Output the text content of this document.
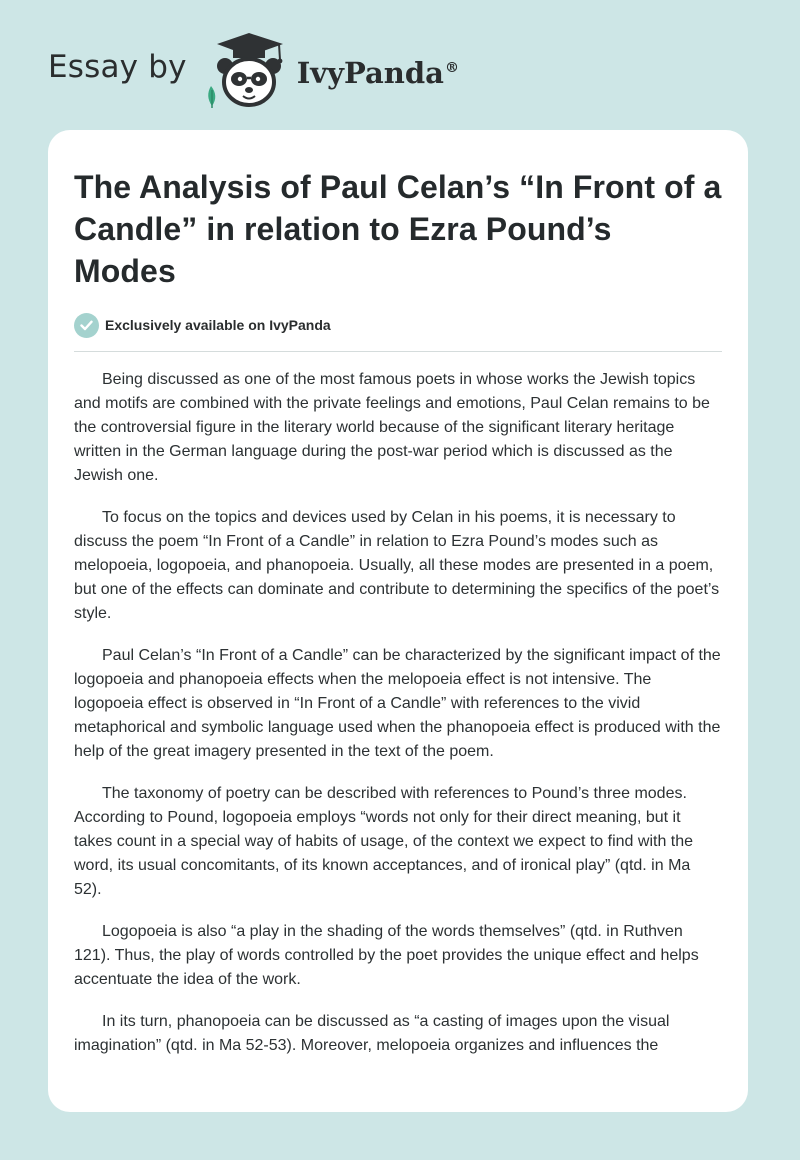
Essay by	IvyPanda®
The Analysis of Paul Celan’s “In Front of a Candle” in relation to Ezra Pound’s Modes
Exclusively available on IvyPanda

Being discussed as one of the most famous poets in whose works the Jewish topics and motifs are combined with the private feelings and emotions, Paul Celan remains to be the controversial figure in the literary world because of the significant literary heritage written in the German language during the post-war period which is discussed as the Jewish one.

To focus on the topics and devices used by Celan in his poems, it is necessary to discuss the poem “In Front of a Candle” in relation to Ezra Pound’s modes such as melopoeia, logopoeia, and phanopoeia. Usually, all these modes are presented in a poem, but one of the effects can dominate and contribute to determining the specifics of the poet’s style.

Paul Celan’s “In Front of a Candle” can be characterized by the significant impact of the logopoeia and phanopoeia effects when the melopoeia effect is not intensive. The logopoeia effect is observed in “In Front of a Candle” with references to the vivid metaphorical and symbolic language used when the phanopoeia effect is produced with the help of the great imagery presented in the text of the poem.

The taxonomy of poetry can be described with references to Pound’s three modes. According to Pound, logopoeia employs “words not only for their direct meaning, but it takes count in a special way of habits of usage, of the context we expect to find with the word, its usual concomitants, of its known acceptances, and of ironical play” (qtd. in Ma 52).

Logopoeia is also “a play in the shading of the words themselves” (qtd. in Ruthven 121). Thus, the play of words controlled by the poet provides the unique effect and helps accentuate the idea of the work.

In its turn, phanopoeia can be discussed as “a casting of images upon the visual imagination” (qtd. in Ma 52-53). Moreover, melopoeia organizes and influences the
